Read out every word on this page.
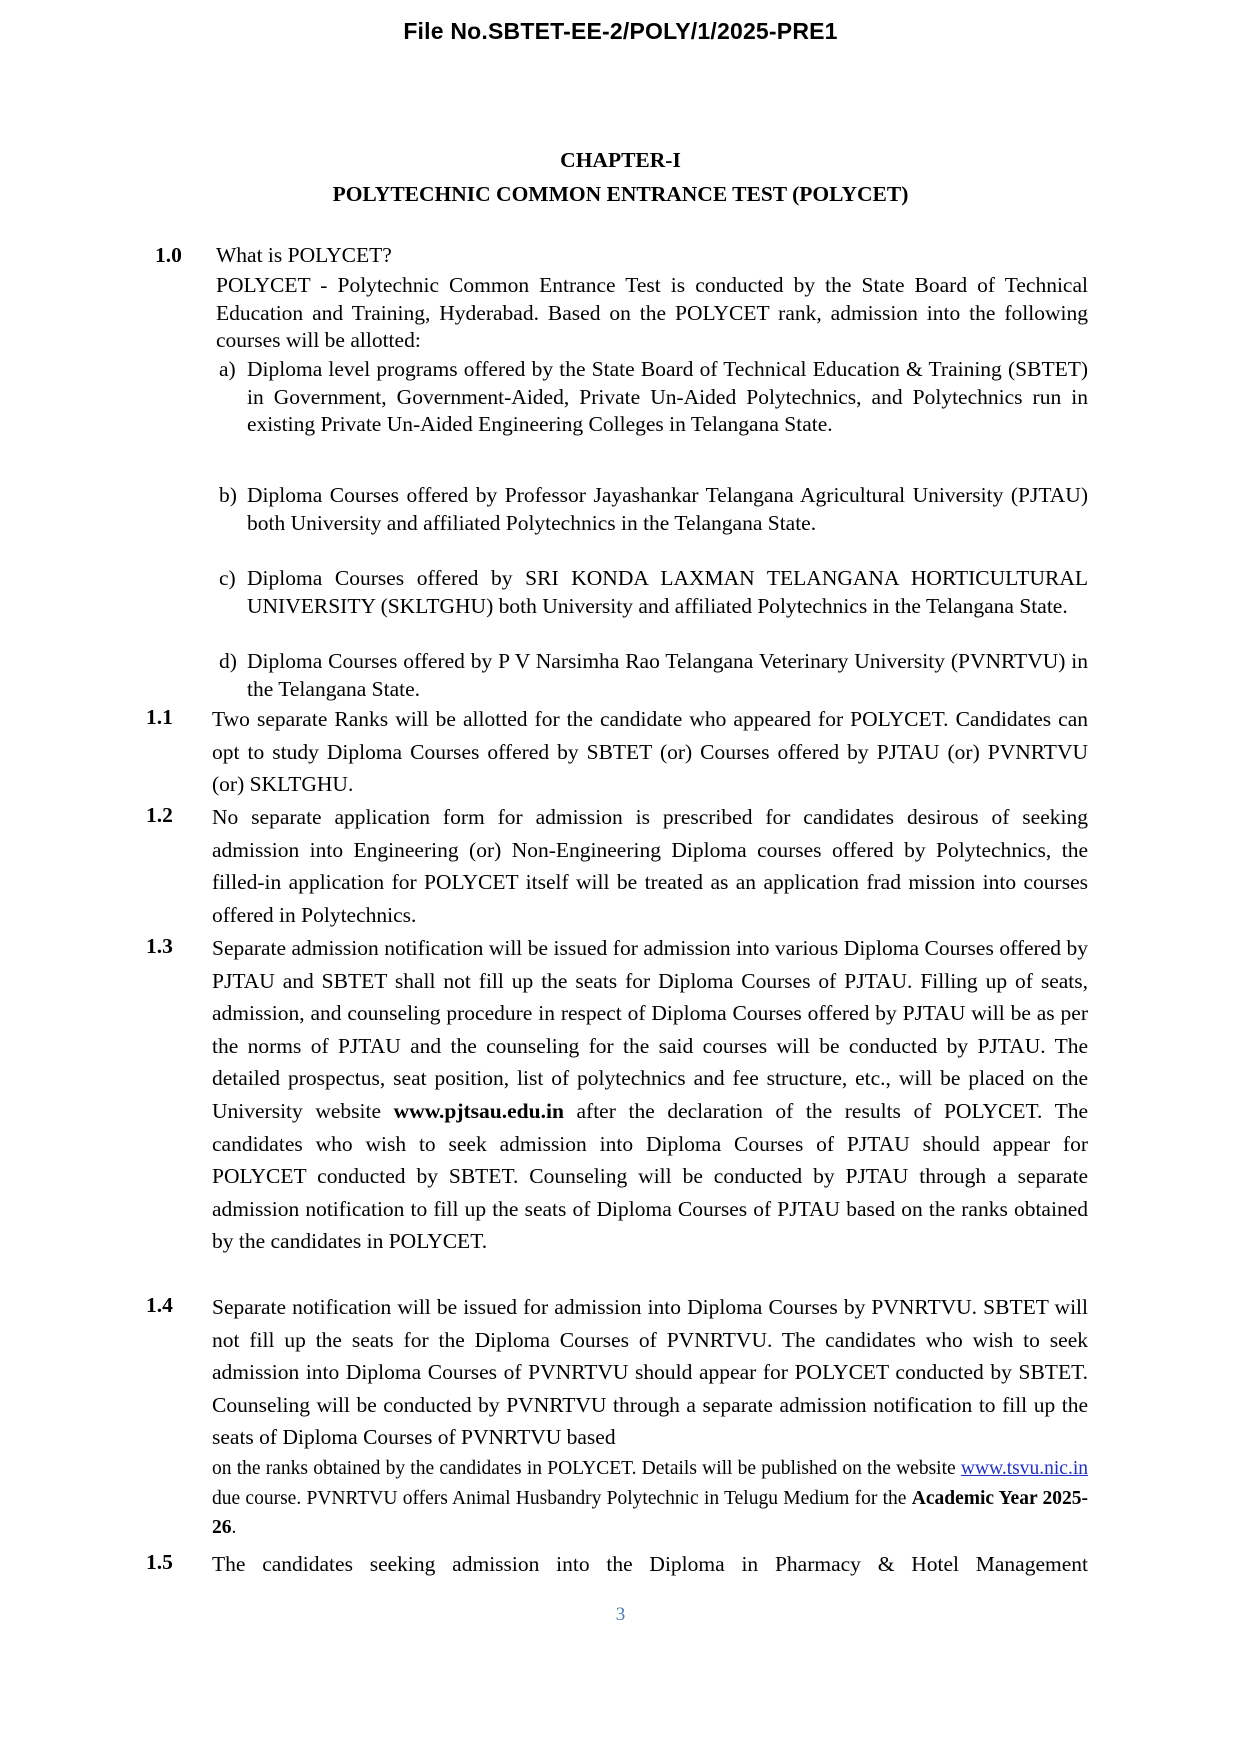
File No.SBTET-EE-2/POLY/1/2025-PRE1
CHAPTER-I
POLYTECHNIC COMMON ENTRANCE TEST (POLYCET)
1.0 What is POLYCET?

POLYCET - Polytechnic Common Entrance Test is conducted by the State Board of Technical Education and Training, Hyderabad. Based on the POLYCET rank, admission into the following courses will be allotted:

a) Diploma level programs offered by the State Board of Technical Education & Training (SBTET) in Government, Government-Aided, Private Un-Aided Polytechnics, and Polytechnics run in existing Private Un-Aided Engineering Colleges in Telangana State.

b) Diploma Courses offered by Professor Jayashankar Telangana Agricultural University (PJTAU) both University and affiliated Polytechnics in the Telangana State.

c) Diploma Courses offered by SRI KONDA LAXMAN TELANGANA HORTICULTURAL UNIVERSITY (SKLTGHU) both University and affiliated Polytechnics in the Telangana State.

d) Diploma Courses offered by P V Narsimha Rao Telangana Veterinary University (PVNRTVU) in the Telangana State.

1.1 Two separate Ranks will be allotted for the candidate who appeared for POLYCET. Candidates can opt to study Diploma Courses offered by SBTET (or) Courses offered by PJTAU (or) PVNRTVU (or) SKLTGHU.

1.2 No separate application form for admission is prescribed for candidates desirous of seeking admission into Engineering (or) Non-Engineering Diploma courses offered by Polytechnics, the filled-in application for POLYCET itself will be treated as an application frad mission into courses offered in Polytechnics.

1.3 Separate admission notification will be issued for admission into various Diploma Courses offered by PJTAU and SBTET shall not fill up the seats for Diploma Courses of PJTAU. Filling up of seats, admission, and counseling procedure in respect of Diploma Courses offered by PJTAU will be as per the norms of PJTAU and the counseling for the said courses will be conducted by PJTAU. The detailed prospectus, seat position, list of polytechnics and fee structure, etc., will be placed on the University website www.pjtsau.edu.in after the declaration of the results of POLYCET. The candidates who wish to seek admission into Diploma Courses of PJTAU should appear for POLYCET conducted by SBTET. Counseling will be conducted by PJTAU through a separate admission notification to fill up the seats of Diploma Courses of PJTAU based on the ranks obtained by the candidates in POLYCET.

1.4 Separate notification will be issued for admission into Diploma Courses by PVNRTVU. SBTET will not fill up the seats for the Diploma Courses of PVNRTVU. The candidates who wish to seek admission into Diploma Courses of PVNRTVU should appear for POLYCET conducted by SBTET. Counseling will be conducted by PVNRTVU through a separate admission notification to fill up the seats of Diploma Courses of PVNRTVU based

on the ranks obtained by the candidates in POLYCET. Details will be published on the website www.tsvu.nic.in due course. PVNRTVU offers Animal Husbandry Polytechnic in Telugu Medium for the Academic Year 2025-26.

1.5 The candidates seeking admission into the Diploma in Pharmacy & Hotel Management

3
